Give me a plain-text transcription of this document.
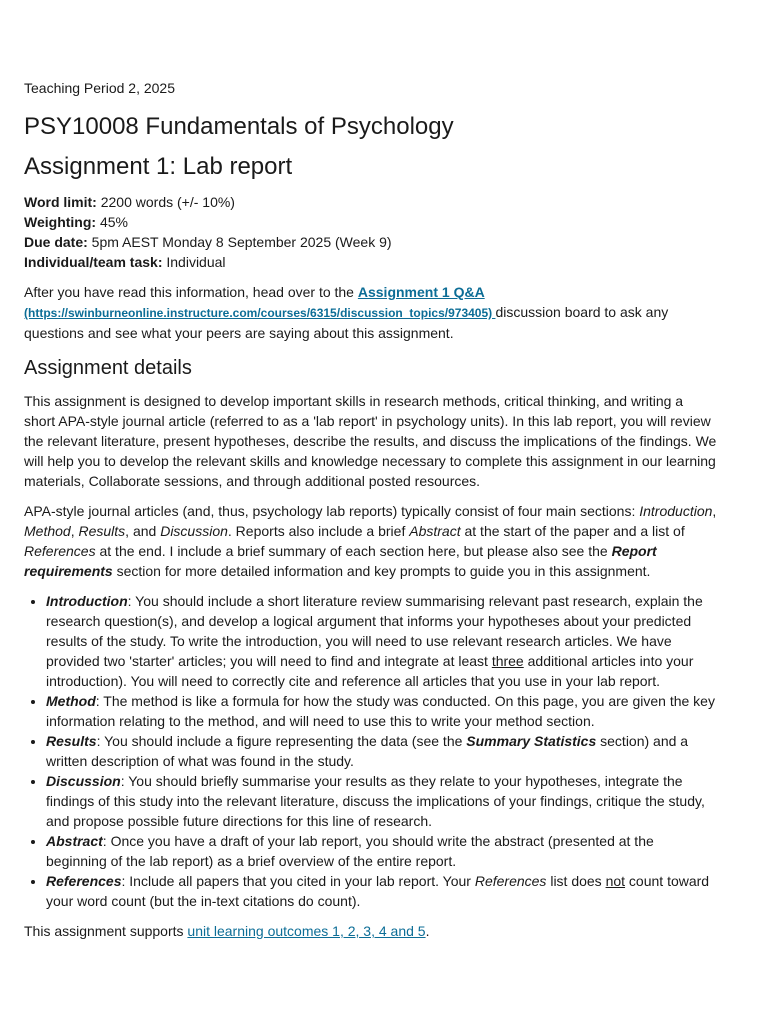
Teaching Period 2, 2025
PSY10008 Fundamentals of Psychology
Assignment 1: Lab report
Word limit: 2200 words (+/- 10%)
Weighting: 45%
Due date: 5pm AEST Monday 8 September 2025 (Week 9)
Individual/team task: Individual

After you have read this information, head over to the Assignment 1 Q&A
(https://swinburneonline.instructure.com/courses/6315/discussion_topics/973405) discussion board to ask any questions and see what your peers are saying about this assignment.

Assignment details

This assignment is designed to develop important skills in research methods, critical thinking, and writing a short APA-style journal article (referred to as a 'lab report' in psychology units). In this lab report, you will review the relevant literature, present hypotheses, describe the results, and discuss the implications of the findings. We will help you to develop the relevant skills and knowledge necessary to complete this assignment in our learning materials, Collaborate sessions, and through additional posted resources.

APA-style journal articles (and, thus, psychology lab reports) typically consist of four main sections: Introduction, Method, Results, and Discussion. Reports also include a brief Abstract at the start of the paper and a list of References at the end. I include a brief summary of each section here, but please also see the Report requirements section for more detailed information and key prompts to guide you in this assignment.

• Introduction: You should include a short literature review summarising relevant past research, explain the research question(s), and develop a logical argument that informs your hypotheses about your predicted results of the study. To write the introduction, you will need to use relevant research articles. We have provided two 'starter' articles; you will need to find and integrate at least three additional articles into your introduction). You will need to correctly cite and reference all articles that you use in your lab report.
• Method: The method is like a formula for how the study was conducted. On this page, you are given the key information relating to the method, and will need to use this to write your method section.
• Results: You should include a figure representing the data (see the Summary Statistics section) and a written description of what was found in the study.
• Discussion: You should briefly summarise your results as they relate to your hypotheses, integrate the findings of this study into the relevant literature, discuss the implications of your findings, critique the study, and propose possible future directions for this line of research.
• Abstract: Once you have a draft of your lab report, you should write the abstract (presented at the beginning of the lab report) as a brief overview of the entire report.
• References: Include all papers that you cited in your lab report. Your References list does not count toward your word count (but the in-text citations do count).

This assignment supports unit learning outcomes 1, 2, 3, 4 and 5.
